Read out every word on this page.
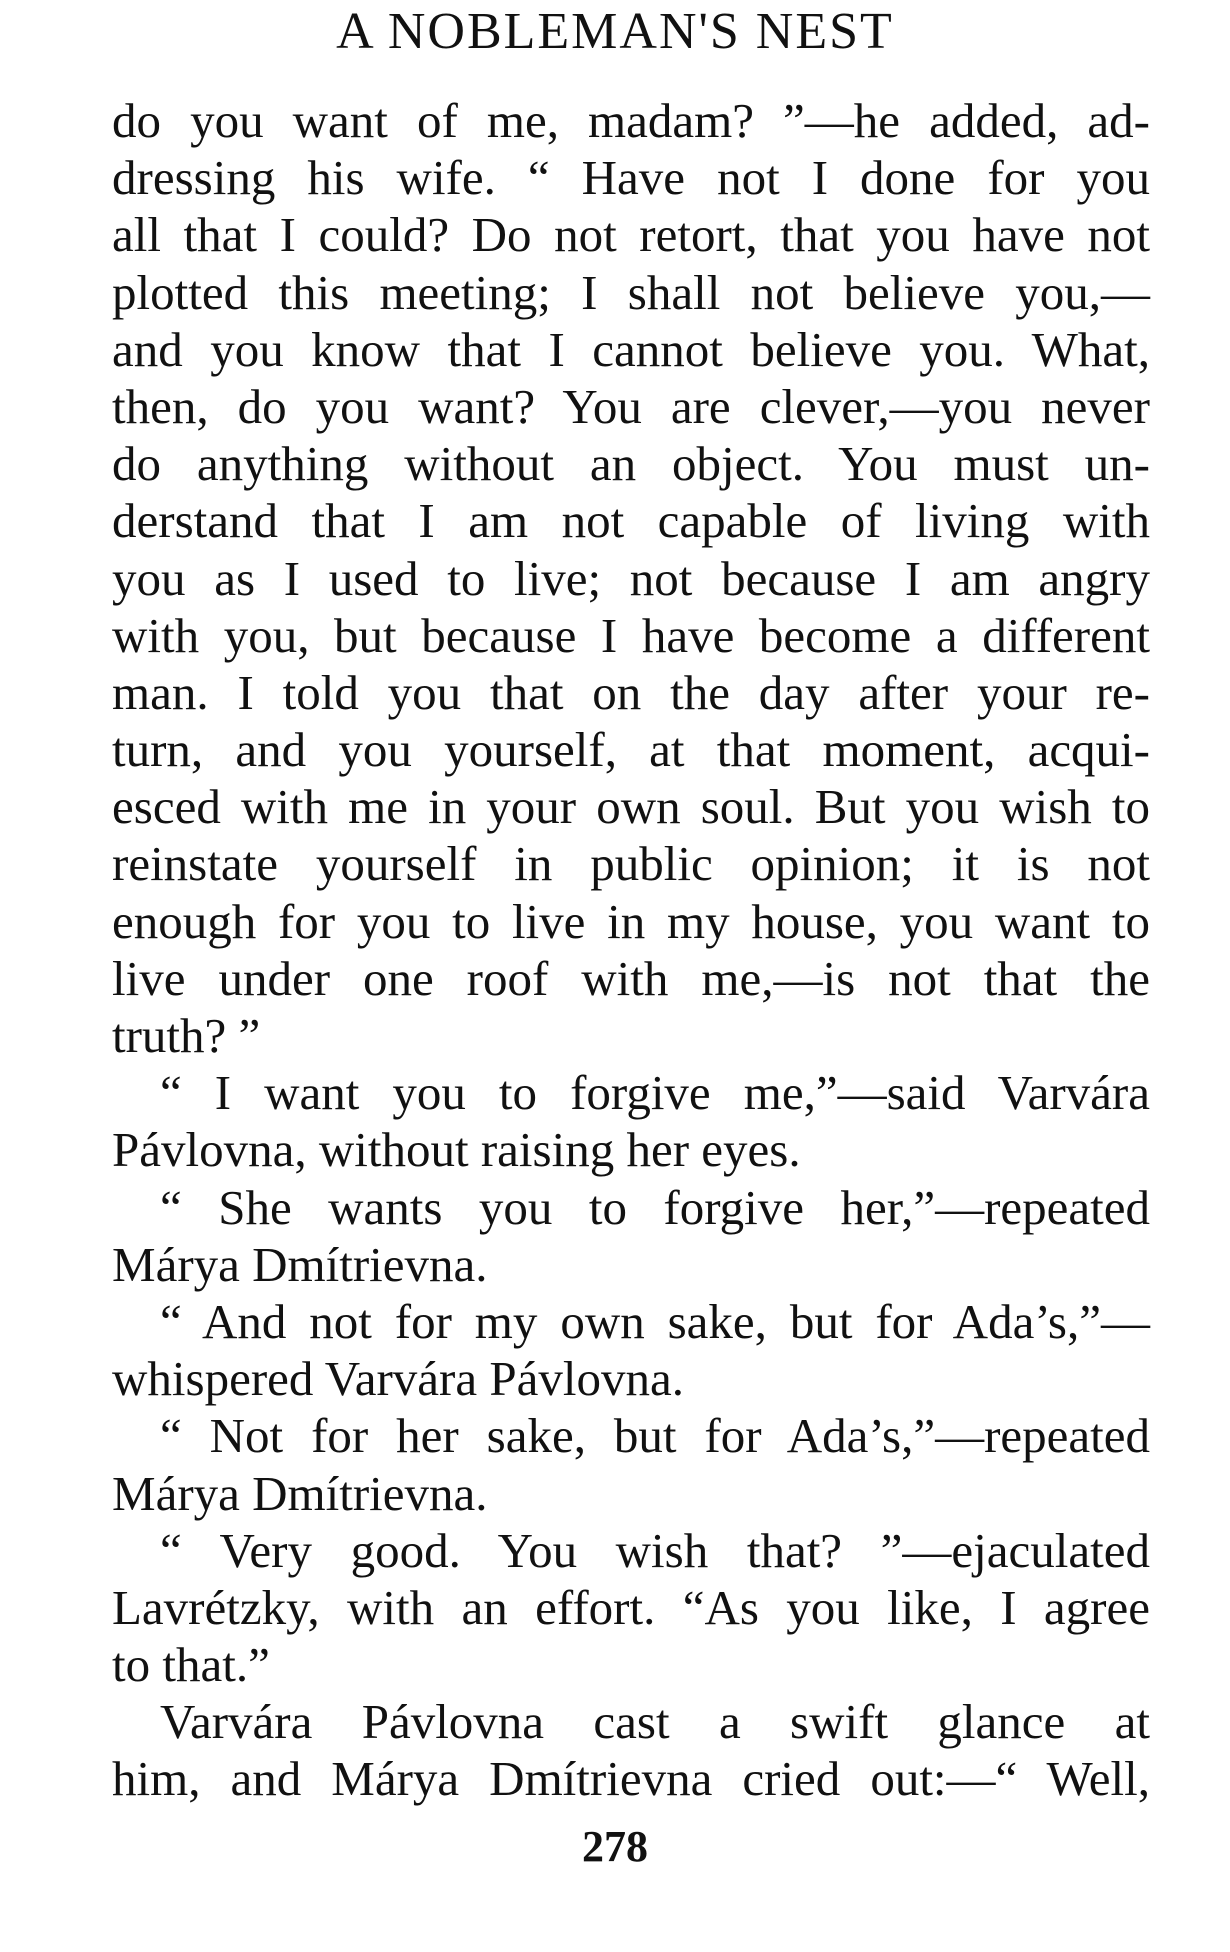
A NOBLEMAN'S NEST
do you want of me, madam? ”—he added, ad-
dressing his wife. “ Have not I done for you
all that I could? Do not retort, that you have not
plotted this meeting; I shall not believe you,—
and you know that I cannot believe you. What,
then, do you want? You are clever,—you never
do anything without an object. You must un-
derstand that I am not capable of living with
you as I used to live; not because I am angry
with you, but because I have become a different
man. I told you that on the day after your re-
turn, and you yourself, at that moment, acqui-
esced with me in your own soul. But you wish to
reinstate yourself in public opinion; it is not
enough for you to live in my house, you want to
live under one roof with me,—is not that the
truth? ”
“ I want you to forgive me,”—said Varvára
Pávlovna, without raising her eyes.
“ She wants you to forgive her,”—repeated
Márya Dmítrievna.
“ And not for my own sake, but for Ada’s,”—
whispered Varvára Pávlovna.
“ Not for her sake, but for Ada’s,”—repeated
Márya Dmítrievna.
“ Very good. You wish that? ”—ejaculated
Lavrétzky, with an effort. “As you like, I agree
to that.”
Varvára Pávlovna cast a swift glance at
him, and Márya Dmítrievna cried out:—“ Well,
278
